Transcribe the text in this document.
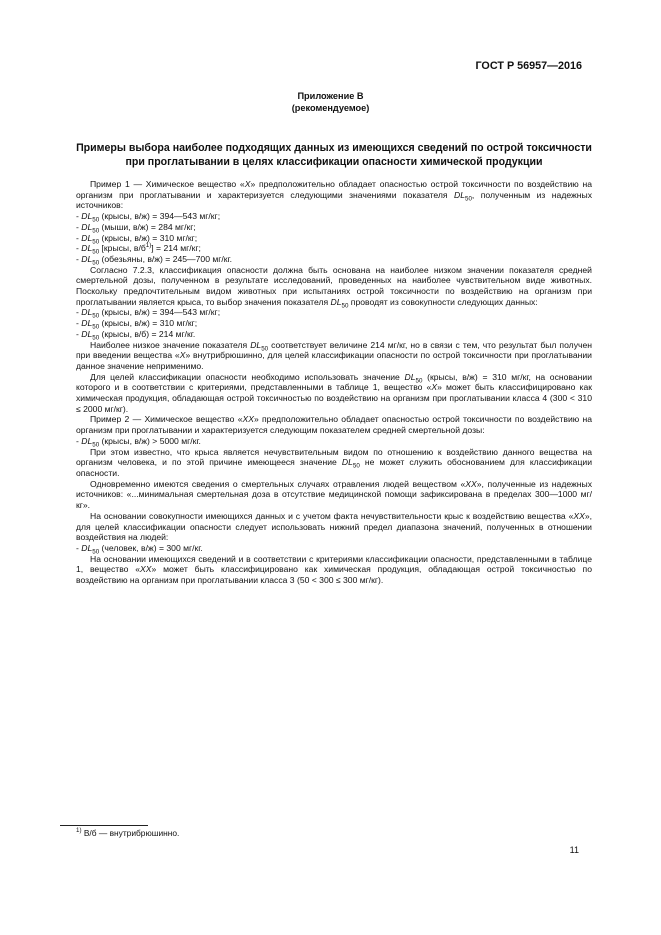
ГОСТ Р 56957—2016
Приложение В
(рекомендуемое)
Примеры выбора наиболее подходящих данных из имеющихся сведений по острой токсичности при проглатывании в целях классификации опасности химической продукции

Пример 1 — Химическое вещество «X» предположительно обладает опасностью острой токсичности по воздействию на организм при проглатывании и характеризуется следующими значениями показателя $DL_{50}$, полученным из надежных источников:

- $DL_{50}$ (крысы, в/ж) = 394—543 мг/кг;

- $DL_{50}$ (мыши, в/ж) = 284 мг/кг;

- $DL_{50}$ (крысы, в/ж) = 310 мг/кг;

- $DL_{50}$ [крысы, $в/б^{1)}] = 214$ мг/кг;

- $DL_{50}$ (обезьяны, в/ж) = 245—700 мг/кг.

Согласно 7.2.3, классификация опасности должна быть основана на наиболее низком значении показателя средней смертельной дозы, полученном в результате исследований, проведенных на наиболее чувствительном виде животных. Поскольку предпочтительным видом животных при испытаниях острой токсичности по воздействию на организм при проглатывании является крыса, то выбор значения показателя $DL_{50}$ проводят из совокупности следующих данных:

- $DL_{50}$ (крысы, в/ж) = 394—543 мг/кг;

- $DL_{50}$ (крысы, в/ж) = 310 мг/кг;

- $DL_{50}$ (крысы, в/б) = 214 мг/кг.

Наиболее низкое значение показателя $DL_{50}$ соответствует величине 214 мг/кг, но в связи с тем, что результат был получен при введении вещества «X» внутрибрюшинно, для целей классификации опасности по острой токсичности при проглатывании данное значение неприменимо.

Для целей классификации опасности необходимо использовать значение $DL_{50}$ (крысы, в/ж) = 310 мг/кг, на основании которого и в соответствии с критериями, представленными в таблице 1, вещество «X» может быть классифицировано как химическая продукция, обладающая острой токсичностью по воздействию на организм при проглатывании класса 4 (300 < 310 ≤ 2000 мг/кг).

Пример 2 — Химическое вещество «XX» предположительно обладает опасностью острой токсичности по воздействию на организм при проглатывании и характеризуется следующим показателем средней смертельной дозы:

- $DL_{50}$ (крысы, в/ж) > 5000 мг/кг.

При этом известно, что крыса является нечувствительным видом по отношению к воздействию данного вещества на организм человека, и по этой причине имеющееся значение $DL_{50}$ не может служить обоснованием для классификации опасности.

Одновременно имеются сведения о смертельных случаях отравления людей веществом «XX», полученные из надежных источников: «...минимальная смертельная доза в отсутствие медицинской помощи зафиксирована в пределах 300—1000 мг/кг».

На основании совокупности имеющихся данных и с учетом факта нечувствительности крыс к воздействию вещества «XX», для целей классификации опасности следует использовать нижний предел диапазона значений, полученных в отношении воздействия на людей:

- $DL_{50}$ (человек, в/ж) = 300 мг/кг.

На основании имеющихся сведений и в соответствии с критериями классификации опасности, представленными в таблице 1, вещество «XX» может быть классифицировано как химическая продукция, обладающая острой токсичностью по воздействию на организм при проглатывании класса 3 (50 < 300 ≤ 300 мг/кг).

$^{1)}$ В/б — внутрибрюшинно.
11
